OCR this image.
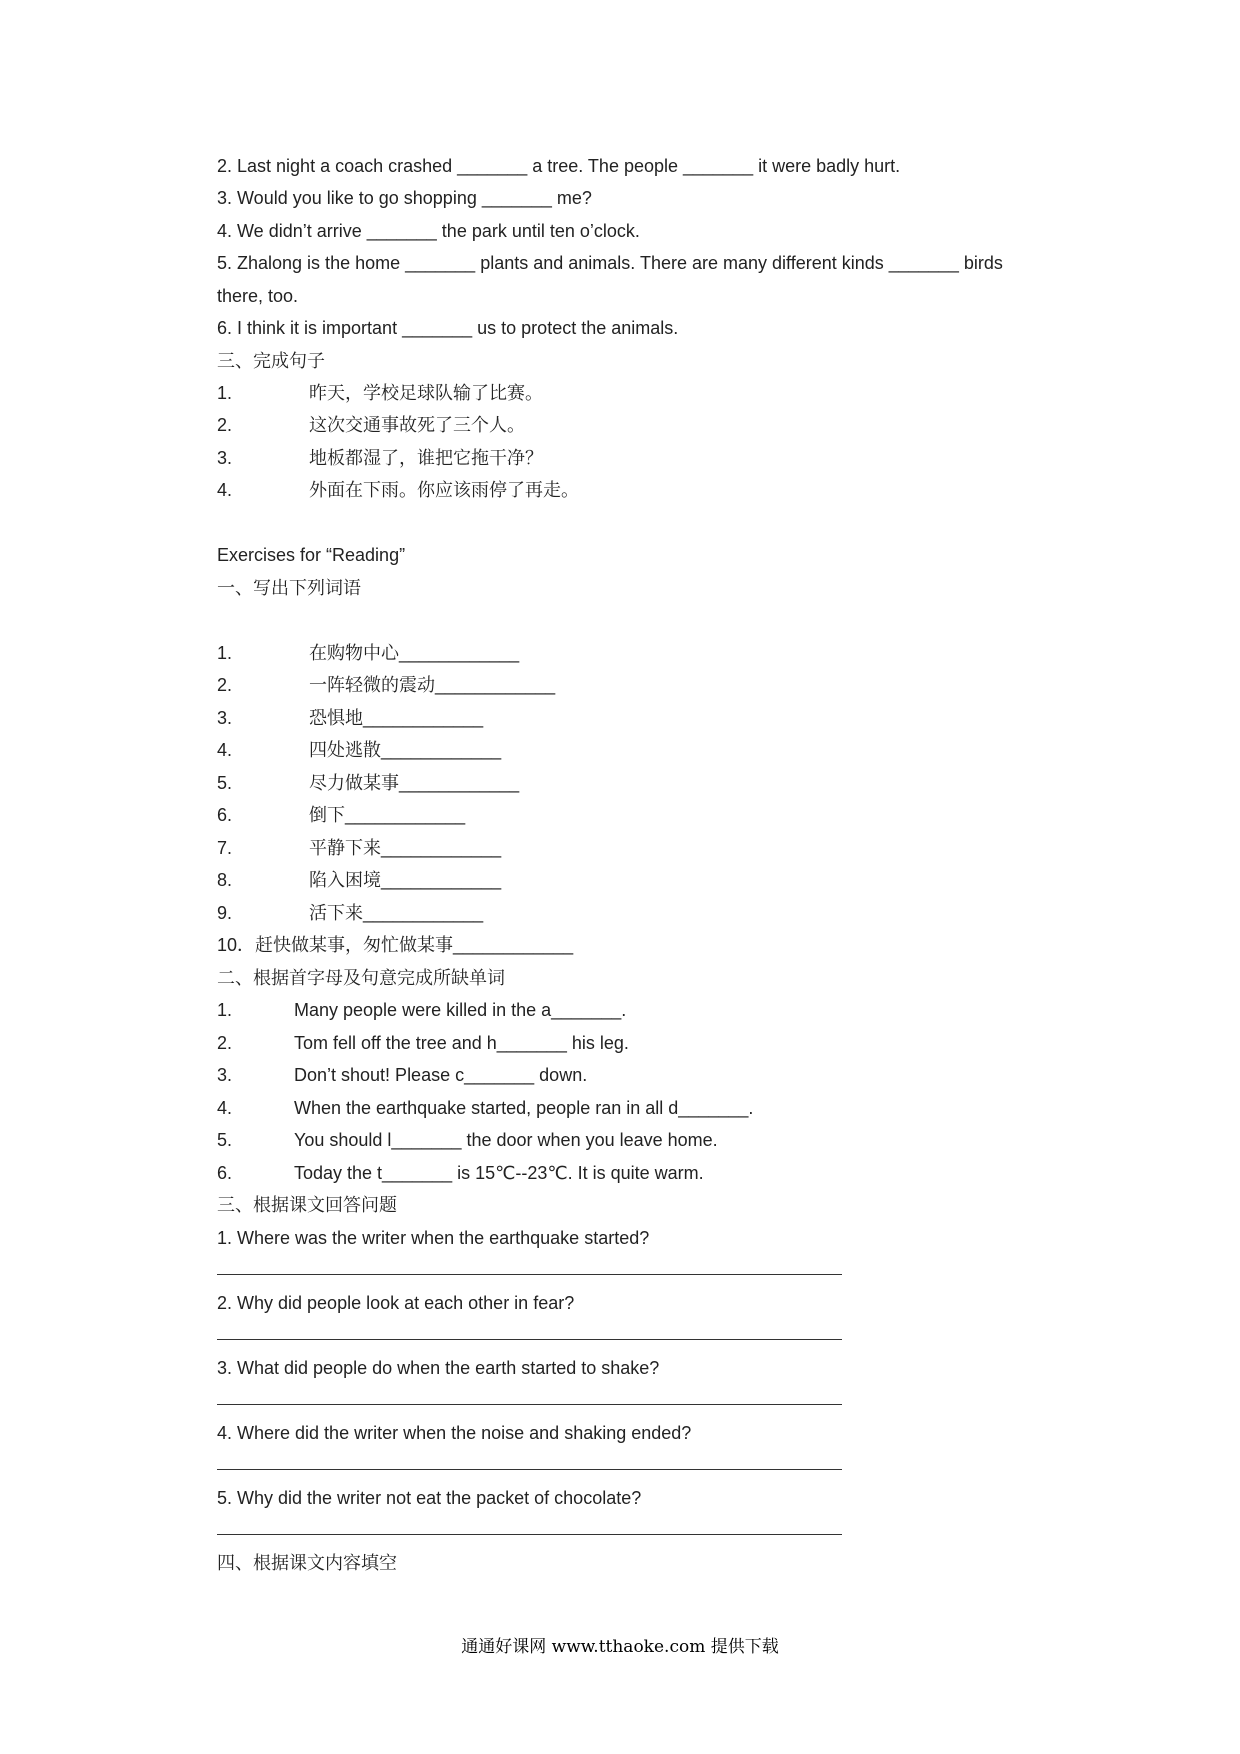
2. Last night a coach crashed _______ a tree. The people _______ it were badly hurt.
3. Would you like to go shopping _______ me?
4. We didn’t arrive _______ the park until ten o’clock.
5. Zhalong is the home _______ plants and animals. There are many different kinds _______ birds
there, too.
6. I think it is important _______ us to protect the animals.
三、完成句子
1.	昨天，学校足球队输了比赛。
2.	这次交通事故死了三个人。
3.	地板都湿了，谁把它拖干净？
4.	外面在下雨。你应该雨停了再走。
Exercises for “Reading”
一、写出下列词语
1.	在购物中心____________
2.	一阵轻微的震动____________
3.	恐惧地____________
4.	四处逃散____________
5.	尽力做某事____________
6.	倒下____________
7.	平静下来____________
8.	陷入困境____________
9.	活下来____________
10．赶快做某事，匆忙做某事____________
二、根据首字母及句意完成所缺单词
1.	Many people were killed in the a_______.
2.	Tom fell off the tree and h_______ his leg.
3.	Don’t shout! Please c_______ down.
4.	When the earthquake started, people ran in all d_______.
5.	You should l_______ the door when you leave home.
6.	Today the t_______ is 15℃--23℃. It is quite warm.
三、根据课文回答问题
1. Where was the writer when the earthquake started?
2. Why did people look at each other in fear?
3. What did people do when the earth started to shake?
4. Where did the writer when the noise and shaking ended?
5. Why did the writer not eat the packet of chocolate?
四、根据课文内容填空
通通好课网 www.tthaoke.com 提供下载
